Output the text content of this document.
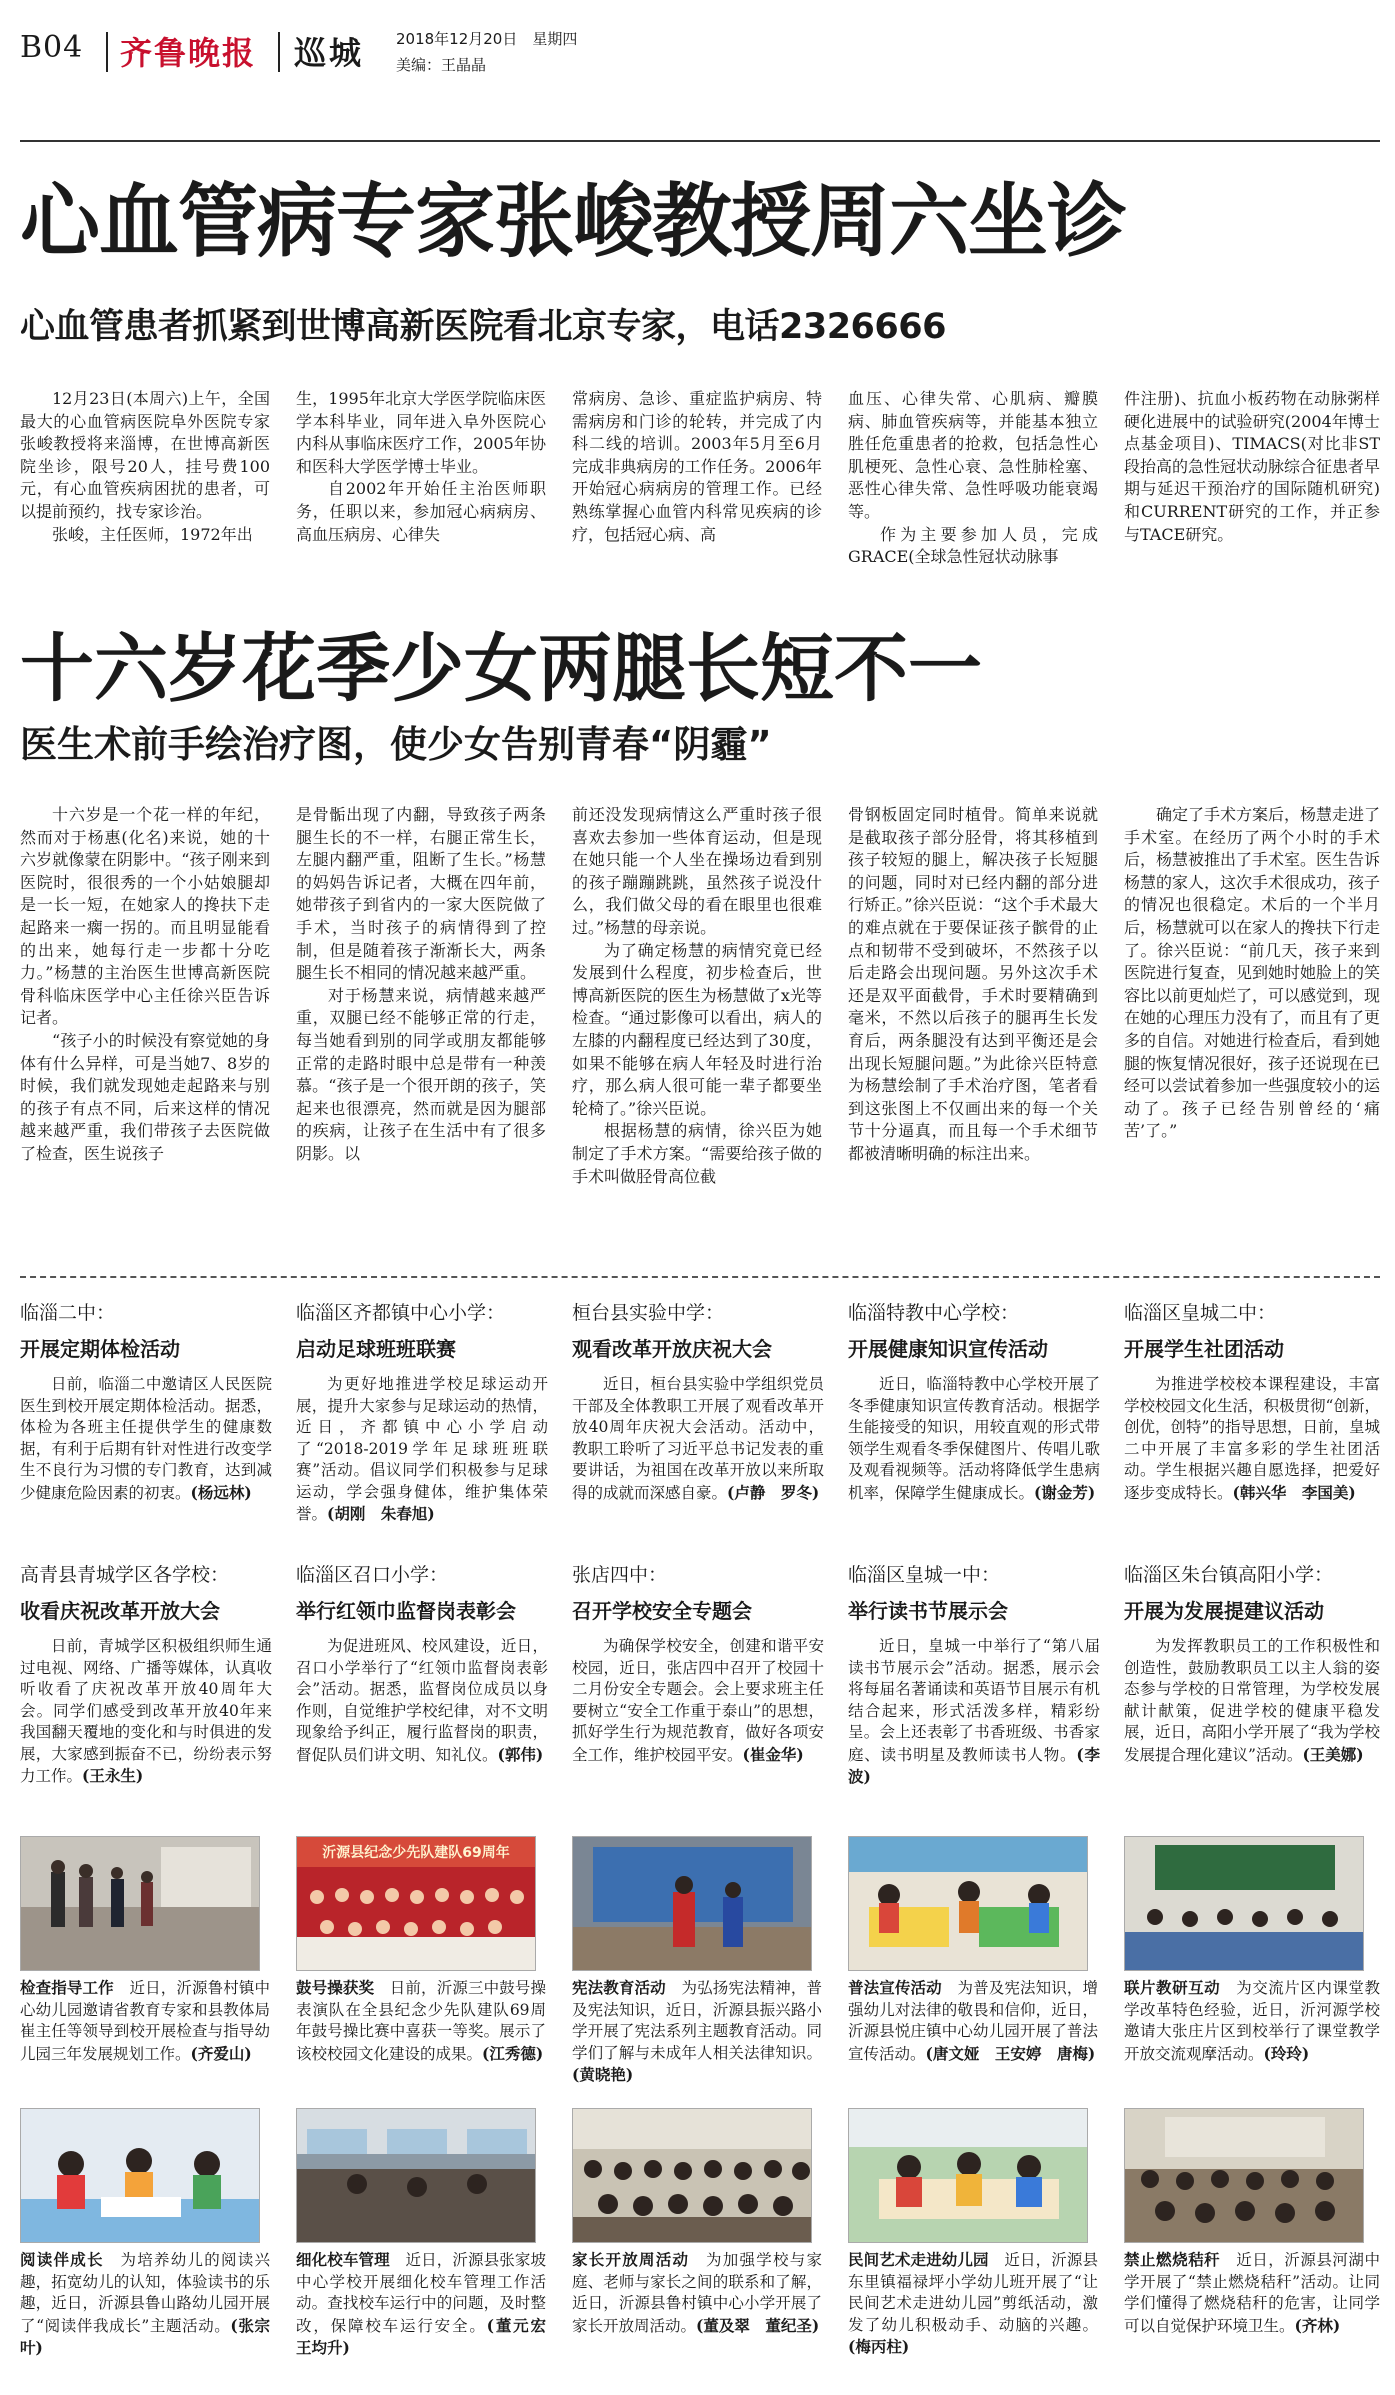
B04 齐鲁晚报 巡城 2018年12月20日　星期四
美编：王晶晶
心血管病专家张峻教授周六坐诊
心血管患者抓紧到世博高新医院看北京专家，电话2326666

12月23日(本周六)上午，全国最大的心血管病医院阜外医院专家张峻教授将来淄博，在世博高新医院坐诊，限号20人，挂号费100元，有心血管疾病困扰的患者，可以提前预约，找专家诊治。

张峻，主任医师，1972年出

生，1995年北京大学医学院临床医学本科毕业，同年进入阜外医院心内科从事临床医疗工作，2005年协和医科大学医学博士毕业。

自2002年开始任主治医师职务，任职以来，参加冠心病病房、高血压病房、心律失

常病房、急诊、重症监护病房、特需病房和门诊的轮转，并完成了内科二线的培训。2003年5月至6月完成非典病房的工作任务。2006年开始冠心病病房的管理工作。已经熟练掌握心血管内科常见疾病的诊疗，包括冠心病、高

血压、心律失常、心肌病、瓣膜病、肺血管疾病等，并能基本独立胜任危重患者的抢救，包括急性心肌梗死、急性心衰、急性肺栓塞、恶性心律失常、急性呼吸功能衰竭等。

作为主要参加人员，完成GRACE(全球急性冠状动脉事

件注册)、抗血小板药物在动脉粥样硬化进展中的试验研究(2004年博士点基金项目)、TIMACS(对比非ST段抬高的急性冠状动脉综合征患者早期与延迟干预治疗的国际随机研究)和CURRENT研究的工作，并正参与TACE研究。

十六岁花季少女两腿长短不一
医生术前手绘治疗图，使少女告别青春“阴霾”

十六岁是一个花一样的年纪，然而对于杨惠(化名)来说，她的十六岁就像蒙在阴影中。“孩子刚来到医院时，很很秀的一个小姑娘腿却是一长一短，在她家人的搀扶下走起路来一瘸一拐的。而且明显能看的出来，她每行走一步都十分吃力。”杨慧的主治医生世博高新医院骨科临床医学中心主任徐兴臣告诉记者。

“孩子小的时候没有察觉她的身体有什么异样，可是当她7、8岁的时候，我们就发现她走起路来与别的孩子有点不同，后来这样的情况越来越严重，我们带孩子去医院做了检查，医生说孩子

是骨骺出现了内翻，导致孩子两条腿生长的不一样，右腿正常生长，左腿内翻严重，阻断了生长。”杨慧的妈妈告诉记者，大概在四年前，她带孩子到省内的一家大医院做了手术，当时孩子的病情得到了控制，但是随着孩子渐渐长大，两条腿生长不相同的情况越来越严重。

对于杨慧来说，病情越来越严重，双腿已经不能够正常的行走，每当她看到别的同学或朋友都能够正常的走路时眼中总是带有一种羡慕。“孩子是一个很开朗的孩子，笑起来也很漂亮，然而就是因为腿部的疾病，让孩子在生活中有了很多阴影。以

前还没发现病情这么严重时孩子很喜欢去参加一些体育运动，但是现在她只能一个人坐在操场边看到别的孩子蹦蹦跳跳，虽然孩子说没什么，我们做父母的看在眼里也很难过。”杨慧的母亲说。

为了确定杨慧的病情究竟已经发展到什么程度，初步检查后，世博高新医院的医生为杨慧做了x光等检查。“通过影像可以看出，病人的左膝的内翻程度已经达到了30度，如果不能够在病人年轻及时进行治疗，那么病人很可能一辈子都要坐轮椅了。”徐兴臣说。

根据杨慧的病情，徐兴臣为她制定了手术方案。“需要给孩子做的手术叫做胫骨高位截

骨钢板固定同时植骨。简单来说就是截取孩子部分胫骨，将其移植到孩子较短的腿上，解决孩子长短腿的问题，同时对已经内翻的部分进行矫正。”徐兴臣说：“这个手术最大的难点就在于要保证孩子髌骨的止点和韧带不受到破坏，不然孩子以后走路会出现问题。另外这次手术还是双平面截骨，手术时要精确到毫米，不然以后孩子的腿再生长发育后，两条腿没有达到平衡还是会出现长短腿问题。”为此徐兴臣特意为杨慧绘制了手术治疗图，笔者看到这张图上不仅画出来的每一个关节十分逼真，而且每一个手术细节都被清晰明确的标注出来。

确定了手术方案后，杨慧走进了手术室。在经历了两个小时的手术后，杨慧被推出了手术室。医生告诉杨慧的家人，这次手术很成功，孩子的情况也很稳定。术后的一个半月后，杨慧就可以在家人的搀扶下行走了。徐兴臣说：“前几天，孩子来到医院进行复查，见到她时她脸上的笑容比以前更灿烂了，可以感觉到，现在她的心理压力没有了，而且有了更多的自信。对她进行检查后，看到她腿的恢复情况很好，孩子还说现在已经可以尝试着参加一些强度较小的运动了。孩子已经告别曾经的‘痛苦’了。”

临淄二中：
开展定期体检活动
日前，临淄二中邀请区人民医院医生到校开展定期体检活动。据悉，体检为各班主任提供学生的健康数据，有利于后期有针对性进行改变学生不良行为习惯的专门教育，达到减少健康危险因素的初衷。(杨远林)
临淄区齐都镇中心小学：
启动足球班班联赛
为更好地推进学校足球运动开展，提升大家参与足球运动的热情，近日，齐都镇中心小学启动了“2018-2019学年足球班班联赛”活动。倡议同学们积极参与足球运动，学会强身健体，维护集体荣誉。(胡刚　朱春旭)
桓台县实验中学：
观看改革开放庆祝大会
近日，桓台县实验中学组织党员干部及全体教职工开展了观看改革开放40周年庆祝大会活动。活动中，教职工聆听了习近平总书记发表的重要讲话，为祖国在改革开放以来所取得的成就而深感自豪。(卢静　罗冬)
临淄特教中心学校：
开展健康知识宣传活动
近日，临淄特教中心学校开展了冬季健康知识宣传教育活动。根据学生能接受的知识，用较直观的形式带领学生观看冬季保健图片、传唱儿歌及观看视频等。活动将降低学生患病机率，保障学生健康成长。(谢金芳)
临淄区皇城二中：
开展学生社团活动
为推进学校校本课程建设，丰富学校校园文化生活，积极贯彻“创新，创优，创特”的指导思想，日前，皇城二中开展了丰富多彩的学生社团活动。学生根据兴趣自愿选择，把爱好逐步变成特长。(韩兴华　李国美)
高青县青城学区各学校：
收看庆祝改革开放大会
日前，青城学区积极组织师生通过电视、网络、广播等媒体，认真收听收看了庆祝改革开放40周年大会。同学们感受到改革开放40年来我国翻天覆地的变化和与时俱进的发展，大家感到振奋不已，纷纷表示努力工作。(王永生)
临淄区召口小学：
举行红领巾监督岗表彰会
为促进班风、校风建设，近日，召口小学举行了“红领巾监督岗表彰会”活动。据悉，监督岗位成员以身作则，自觉维护学校纪律，对不文明现象给予纠正，履行监督岗的职责，督促队员们讲文明、知礼仪。(郭伟)
张店四中：
召开学校安全专题会
为确保学校安全，创建和谐平安校园，近日，张店四中召开了校园十二月份安全专题会。会上要求班主任要树立“安全工作重于泰山”的思想，抓好学生行为规范教育，做好各项安全工作，维护校园平安。(崔金华)
临淄区皇城一中：
举行读书节展示会
近日，皇城一中举行了“第八届读书节展示会”活动。据悉，展示会将每届名著诵读和英语节目展示有机结合起来，形式活泼多样，精彩纷呈。会上还表彰了书香班级、书香家庭、读书明星及教师读书人物。(李波)
临淄区朱台镇高阳小学：
开展为发展提建议活动
为发挥教职员工的工作积极性和创造性，鼓励教职员工以主人翁的姿态参与学校的日常管理，为学校发展献计献策，促进学校的健康平稳发展，近日，高阳小学开展了“我为学校发展提合理化建议”活动。(王美娜)
沂源县纪念少先队建队69周年
检查指导工作　 近日，沂源鲁村镇中心幼儿园邀请省教育专家和县教体局崔主任等领导到校开展检查与指导幼儿园三年发展规划工作。(齐爱山)
鼓号操获奖　 日前，沂源三中鼓号操表演队在全县纪念少先队建队69周年鼓号操比赛中喜获一等奖。展示了该校校园文化建设的成果。(江秀德)
宪法教育活动　 为弘扬宪法精神，普及宪法知识，近日，沂源县振兴路小学开展了宪法系列主题教育活动。同学们了解与未成年人相关法律知识。(黄晓艳)
普法宣传活动　 为普及宪法知识，增强幼儿对法律的敬畏和信仰，近日，沂源县悦庄镇中心幼儿园开展了普法宣传活动。(唐文娅　王安婷　唐梅)
联片教研互动　 为交流片区内课堂教学改革特色经验，近日，沂河源学校邀请大张庄片区到校举行了课堂教学开放交流观摩活动。(玲玲)
阅读伴成长　 为培养幼儿的阅读兴趣，拓宽幼儿的认知，体验读书的乐趣，近日，沂源县鲁山路幼儿园开展了“阅读伴我成长”主题活动。(张宗叶)
细化校车管理　 近日，沂源县张家坡中心学校开展细化校车管理工作活动。查找校车运行中的问题，及时整改，保障校车运行安全。(董元宏　王均升)
家长开放周活动　 为加强学校与家庭、老师与家长之间的联系和了解，近日，沂源县鲁村镇中心小学开展了家长开放周活动。(董及翠　董纪圣)
民间艺术走进幼儿园　 近日，沂源县东里镇福禄坪小学幼儿班开展了“让民间艺术走进幼儿园”剪纸活动，激发了幼儿积极动手、动脑的兴趣。(梅丙柱)
禁止燃烧秸秆　 近日，沂源县河湖中学开展了“禁止燃烧秸秆”活动。让同学们懂得了燃烧秸秆的危害，让同学可以自觉保护环境卫生。(齐林)
